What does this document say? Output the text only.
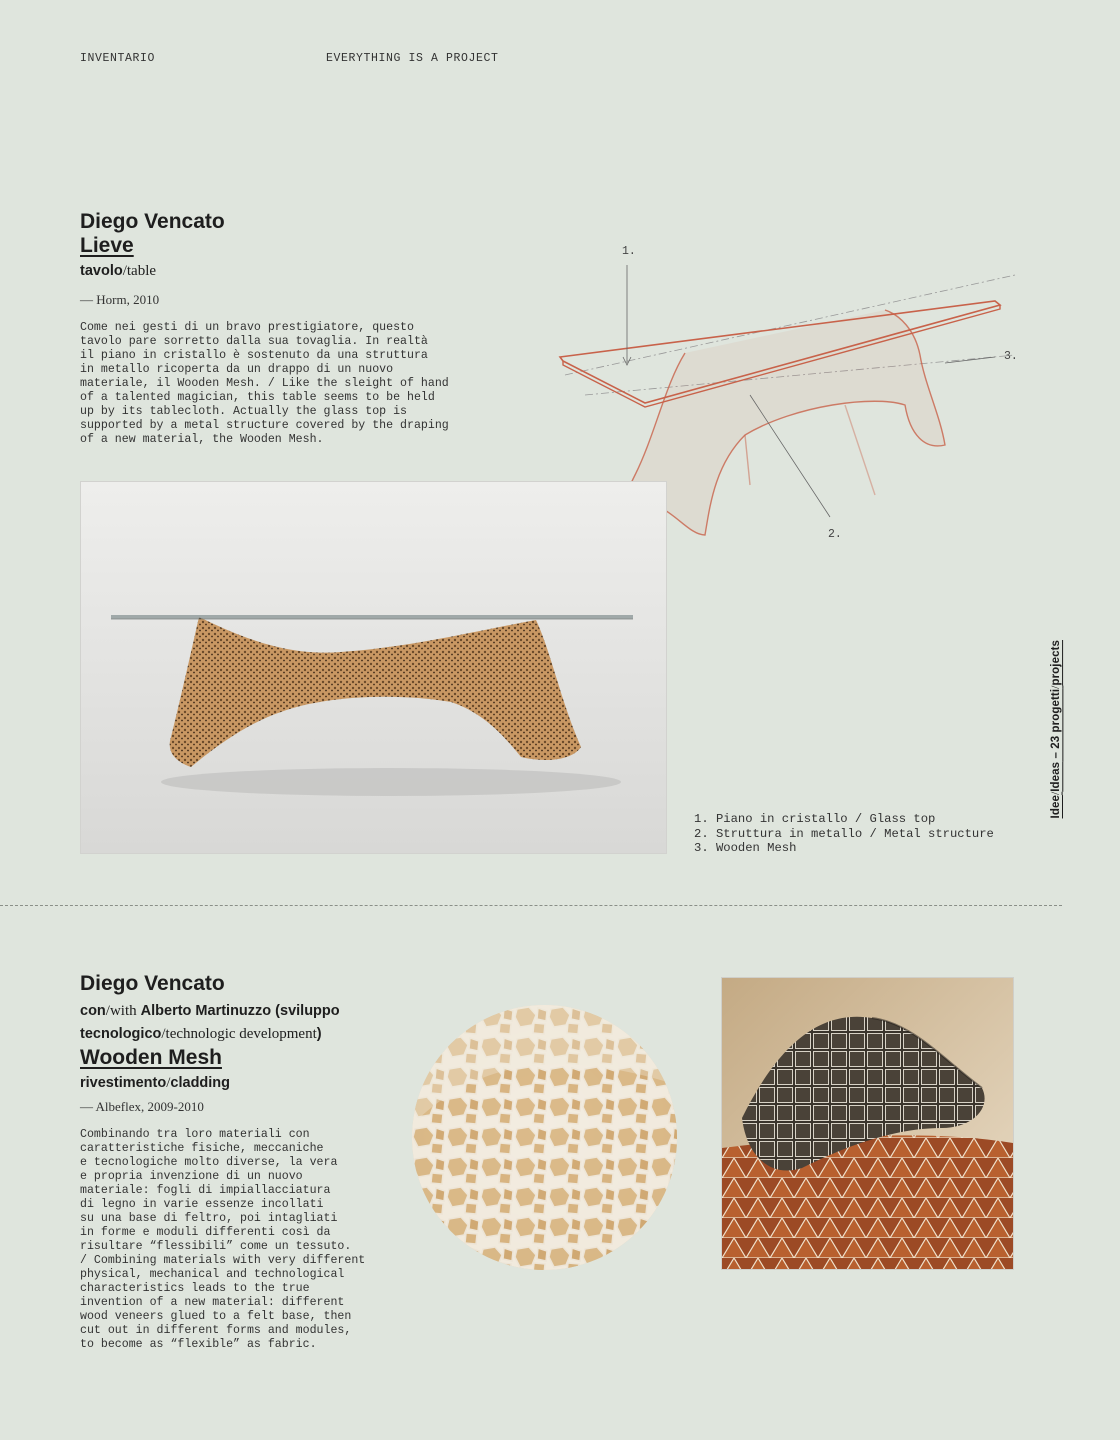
INVENTARIO	EVERYTHING IS A PROJECT
Diego Vencato
Lieve
tavolo/table
— Horm, 2010
Come nei gesti di un bravo prestigiatore, questo
tavolo pare sorretto dalla sua tovaglia. In realtà
il piano in cristallo è sostenuto da una struttura
in metallo ricoperta da un drappo di un nuovo
materiale, il Wooden Mesh. / Like the sleight of hand
of a talented magician, this table seems to be held
up by its tablecloth. Actually the glass top is
supported by a metal structure covered by the draping
of a new material, the Wooden Mesh.
1.
2.
3.
1. Piano in cristallo / Glass top
2. Struttura in metallo / Metal structure
3. Wooden Mesh
Idee/Ideas – 23 progetti/projects
Diego Vencato
con/with Alberto Martinuzzo (sviluppo
tecnologico/technologic development)
Wooden Mesh
rivestimento/cladding
— Albeflex, 2009-2010
Combinando tra loro materiali con
caratteristiche fisiche, meccaniche
e tecnologiche molto diverse, la vera
e propria invenzione di un nuovo
materiale: fogli di impiallacciatura
di legno in varie essenze incollati
su una base di feltro, poi intagliati
in forme e moduli differenti così da
risultare “flessibili” come un tessuto.
/ Combining materials with very different
physical, mechanical and technological
characteristics leads to the true
invention of a new material: different
wood veneers glued to a felt base, then
cut out in different forms and modules,
to become as “flexible” as fabric.
